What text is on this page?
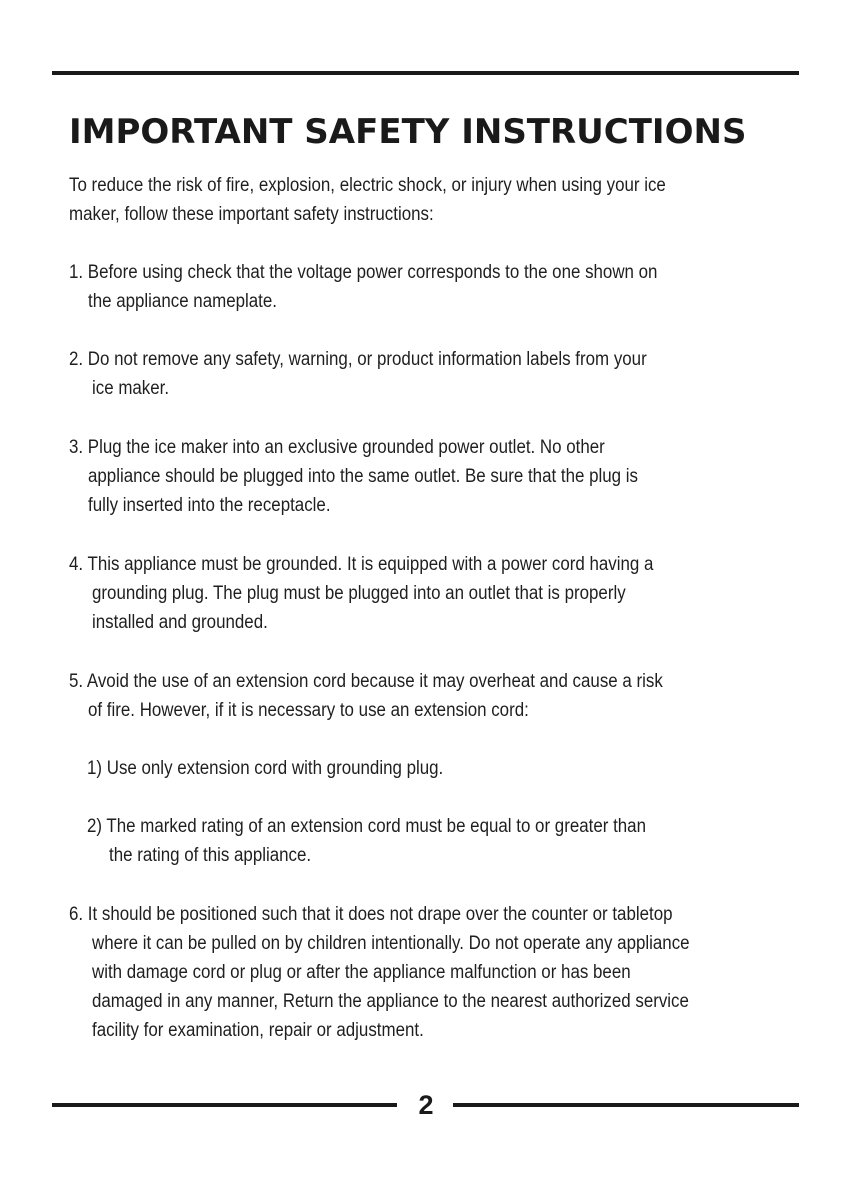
IMPORTANT SAFETY INSTRUCTIONS
To reduce the risk of fire, explosion, electric shock, or injury when using your ice
maker, follow these important safety instructions:
1. Before using check that the voltage power corresponds to the one shown on
the appliance nameplate.
2. Do not remove any safety, warning, or product information labels from your
ice maker.
3. Plug the ice maker into an exclusive grounded power outlet. No other
appliance should be plugged into the same outlet. Be sure that the plug is
fully inserted into the receptacle.
4. This appliance must be grounded. It is equipped with a power cord having a
grounding plug. The plug must be plugged into an outlet that is properly
installed and grounded.
5. Avoid the use of an extension cord because it may overheat and cause a risk
of fire. However, if it is necessary to use an extension cord:
1) Use only extension cord with grounding plug.
2) The marked rating of an extension cord must be equal to or greater than
the rating of this appliance.
6. It should be positioned such that it does not drape over the counter or tabletop
where it can be pulled on by children intentionally. Do not operate any appliance
with damage cord or plug or after the appliance malfunction or has been
damaged in any manner, Return the appliance to the nearest authorized service
facility for examination, repair or adjustment.
2
